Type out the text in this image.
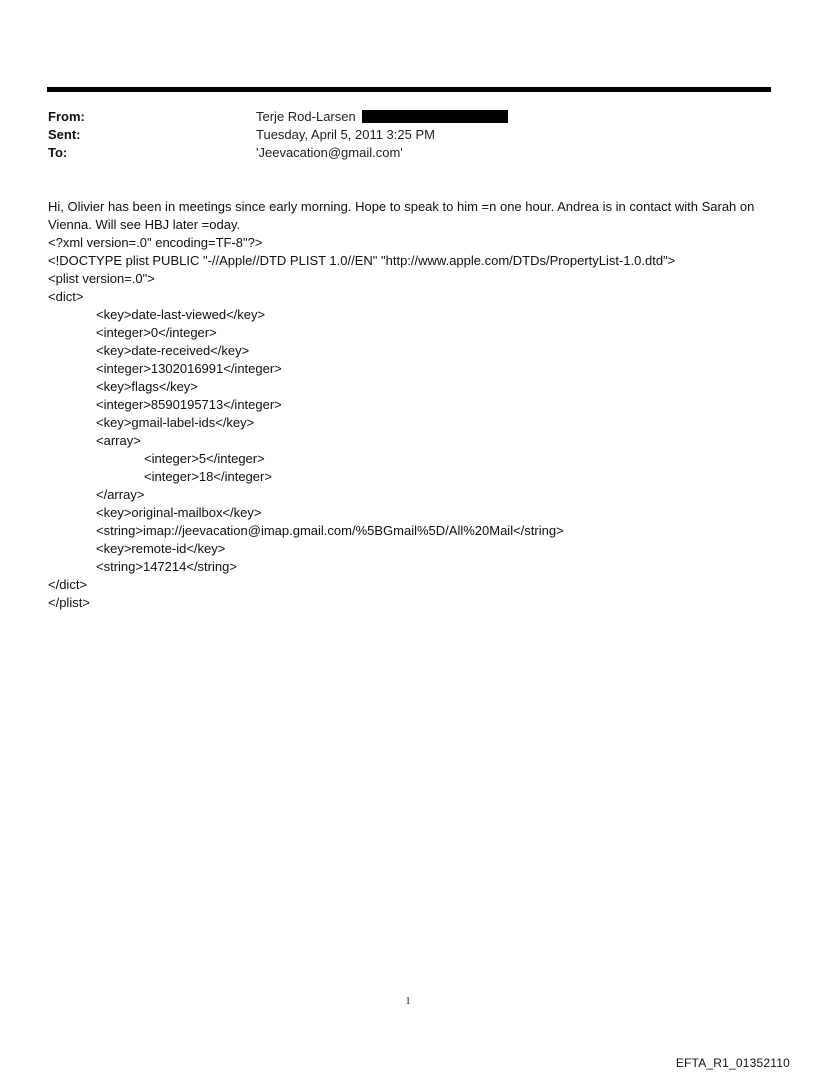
From:	Terje Rod-Larsen
Sent:	Tuesday, April 5, 2011 3:25 PM
To:	'Jeevacation@gmail.com'

Hi, Olivier has been in meetings since early morning. Hope to speak to him =n one hour. Andrea is in contact with Sarah on Vienna. Will see HBJ later =oday.

<?xml version=.0" encoding=TF-8"?>
<!DOCTYPE plist PUBLIC "-//Apple//DTD PLIST 1.0//EN" "http://www.apple.com/DTDs/PropertyList-1.0.dtd">
<plist version=.0">
<dict>
<key>date-last-viewed</key>
<integer>0</integer>
<key>date-received</key>
<integer>1302016991</integer>
<key>flags</key>
<integer>8590195713</integer>
<key>gmail-label-ids</key>
<array>
<integer>5</integer>
<integer>18</integer>
</array>
<key>original-mailbox</key>
<string>imap://jeevacation@imap.gmail.com/%5BGmail%5D/All%20Mail</string>
<key>remote-id</key>
<string>147214</string>
</dict>
</plist>
1
EFTA_R1_01352110
